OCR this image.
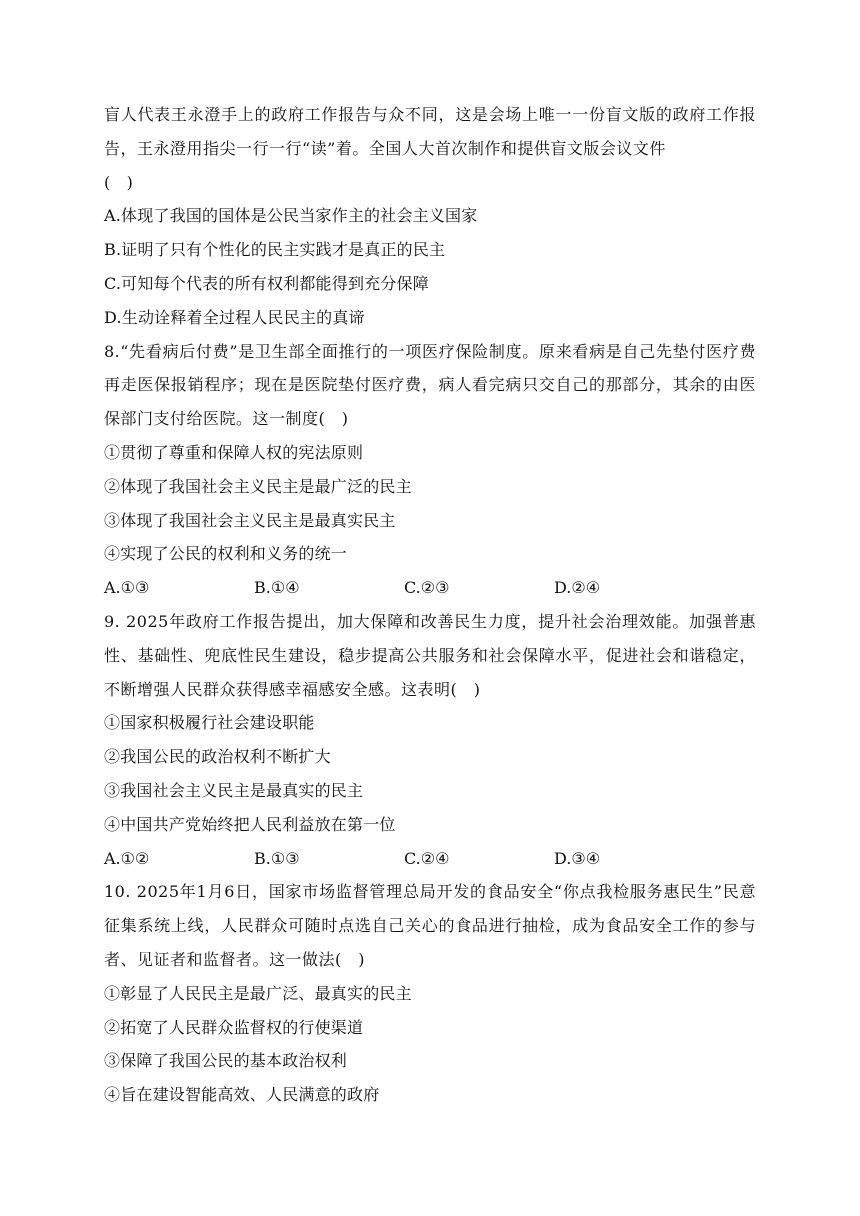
盲人代表王永澄手上的政府工作报告与众不同，这是会场上唯一一份盲文版的政府工作报告，王永澄用指尖一行一行“读”着。全国人大首次制作和提供盲文版会议文件
(　)
A.体现了我国的国体是公民当家作主的社会主义国家
B.证明了只有个性化的民主实践才是真正的民主
C.可知每个代表的所有权利都能得到充分保障
D.生动诠释着全过程人民民主的真谛
8.“先看病后付费”是卫生部全面推行的一项医疗保险制度。原来看病是自己先垫付医疗费再走医保报销程序；现在是医院垫付医疗费，病人看完病只交自己的那部分，其余的由医保部门支付给医院。这一制度(　)
①贯彻了尊重和保障人权的宪法原则
②体现了我国社会主义民主是最广泛的民主
③体现了我国社会主义民主是最真实民主
④实现了公民的权利和义务的统一
A.①③	B.①④	C.②③	D.②④
9. 2025年政府工作报告提出，加大保障和改善民生力度，提升社会治理效能。加强普惠性、基础性、兜底性民生建设，稳步提高公共服务和社会保障水平，促进社会和谐稳定，不断增强人民群众获得感幸福感安全感。这表明(　)
①国家积极履行社会建设职能
②我国公民的政治权利不断扩大
③我国社会主义民主是最真实的民主
④中国共产党始终把人民利益放在第一位
A.①②	B.①③	C.②④	D.③④
10. 2025年1月6日，国家市场监督管理总局开发的食品安全“你点我检服务惠民生”民意征集系统上线，人民群众可随时点选自己关心的食品进行抽检，成为食品安全工作的参与者、见证者和监督者。这一做法(　)
①彰显了人民民主是最广泛、最真实的民主
②拓宽了人民群众监督权的行使渠道
③保障了我国公民的基本政治权利
④旨在建设智能高效、人民满意的政府
